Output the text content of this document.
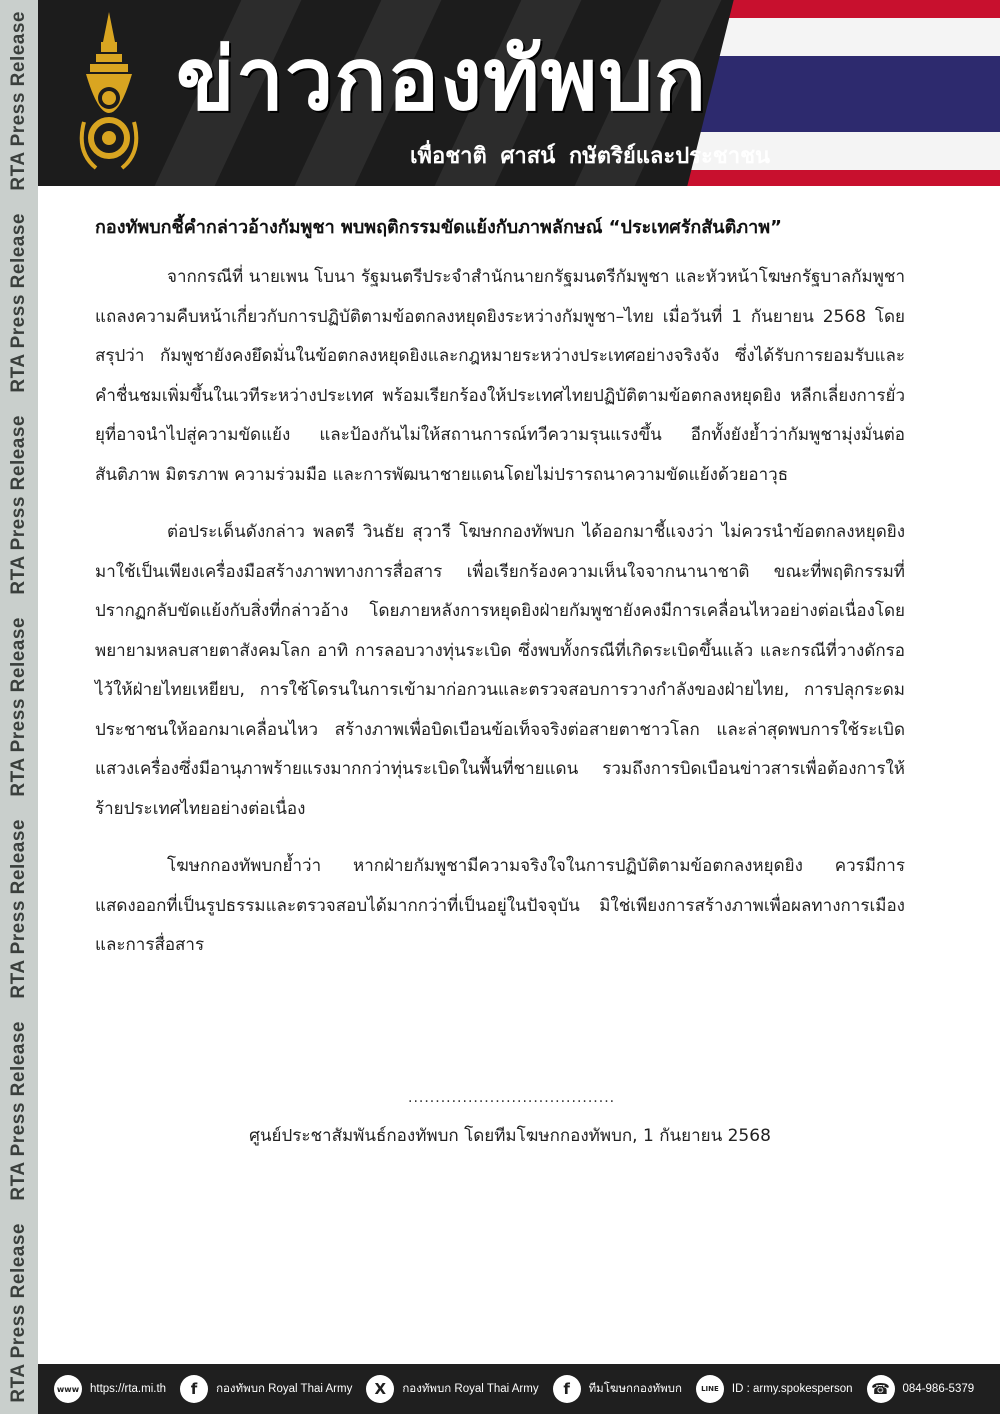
RTA Press Release
RTA Press Release
RTA Press Release
RTA Press Release
RTA Press Release
RTA Press Release
RTA Press Release
ข่าวกองทัพบก
เพื่อชาติ ศาสน์ กษัตริย์และประชาชน
กองทัพบกชี้คำกล่าวอ้างกัมพูชา พบพฤติกรรมขัดแย้งกับภาพลักษณ์ “ประเทศรักสันติภาพ”

จากกรณีที่ นายเพน โบนา รัฐมนตรีประจำสำนักนายกรัฐมนตรีกัมพูชา และหัวหน้าโฆษกรัฐบาลกัมพูชา แถลงความคืบหน้าเกี่ยวกับการปฏิบัติตามข้อตกลงหยุดยิงระหว่างกัมพูชา–ไทย เมื่อวันที่ 1 กันยายน 2568 โดยสรุปว่า กัมพูชายังคงยึดมั่นในข้อตกลงหยุดยิงและกฎหมายระหว่างประเทศอย่างจริงจัง ซึ่งได้รับการยอมรับและคำชื่นชมเพิ่มขึ้นในเวทีระหว่างประเทศ พร้อมเรียกร้องให้ประเทศไทยปฏิบัติตามข้อตกลงหยุดยิง หลีกเลี่ยงการยั่วยุที่อาจนำไปสู่ความขัดแย้ง และป้องกันไม่ให้สถานการณ์ทวีความรุนแรงขึ้น อีกทั้งยังย้ำว่ากัมพูชามุ่งมั่นต่อสันติภาพ มิตรภาพ ความร่วมมือ และการพัฒนาชายแดนโดยไม่ปรารถนาความขัดแย้งด้วยอาวุธ

ต่อประเด็นดังกล่าว พลตรี วินธัย สุวารี โฆษกกองทัพบก ได้ออกมาชี้แจงว่า ไม่ควรนำข้อตกลงหยุดยิงมาใช้เป็นเพียงเครื่องมือสร้างภาพทางการสื่อสาร เพื่อเรียกร้องความเห็นใจจากนานาชาติ ขณะที่พฤติกรรมที่ปรากฏกลับขัดแย้งกับสิ่งที่กล่าวอ้าง โดยภายหลังการหยุดยิงฝ่ายกัมพูชายังคงมีการเคลื่อนไหวอย่างต่อเนื่องโดยพยายามหลบสายตาสังคมโลก อาทิ การลอบวางทุ่นระเบิด ซึ่งพบทั้งกรณีที่เกิดระเบิดขึ้นแล้ว และกรณีที่วางดักรอไว้ให้ฝ่ายไทยเหยียบ, การใช้โดรนในการเข้ามาก่อกวนและตรวจสอบการวางกำลังของฝ่ายไทย, การปลุกระดมประชาชนให้ออกมาเคลื่อนไหว สร้างภาพเพื่อบิดเบือนข้อเท็จจริงต่อสายตาชาวโลก และล่าสุดพบการใช้ระเบิดแสวงเครื่องซึ่งมีอานุภาพร้ายแรงมากกว่าทุ่นระเบิดในพื้นที่ชายแดน รวมถึงการบิดเบือนข่าวสารเพื่อต้องการให้ร้ายประเทศไทยอย่างต่อเนื่อง

โฆษกกองทัพบกย้ำว่า หากฝ่ายกัมพูชามีความจริงใจในการปฏิบัติตามข้อตกลงหยุดยิง ควรมีการแสดงออกที่เป็นรูปธรรมและตรวจสอบได้มากกว่าที่เป็นอยู่ในปัจจุบัน มิใช่เพียงการสร้างภาพเพื่อผลทางการเมืองและการสื่อสาร

......................................
ศูนย์ประชาสัมพันธ์กองทัพบก โดยทีมโฆษกกองทัพบก, 1 กันยายน 2568
www https://rta.mi.th	f	กองทัพบก Royal Thai Army	X	กองทัพบก Royal Thai Army	f	ทีมโฆษกกองทัพบก	LINE	ID : army.spokesperson	☎	084-986-5379
